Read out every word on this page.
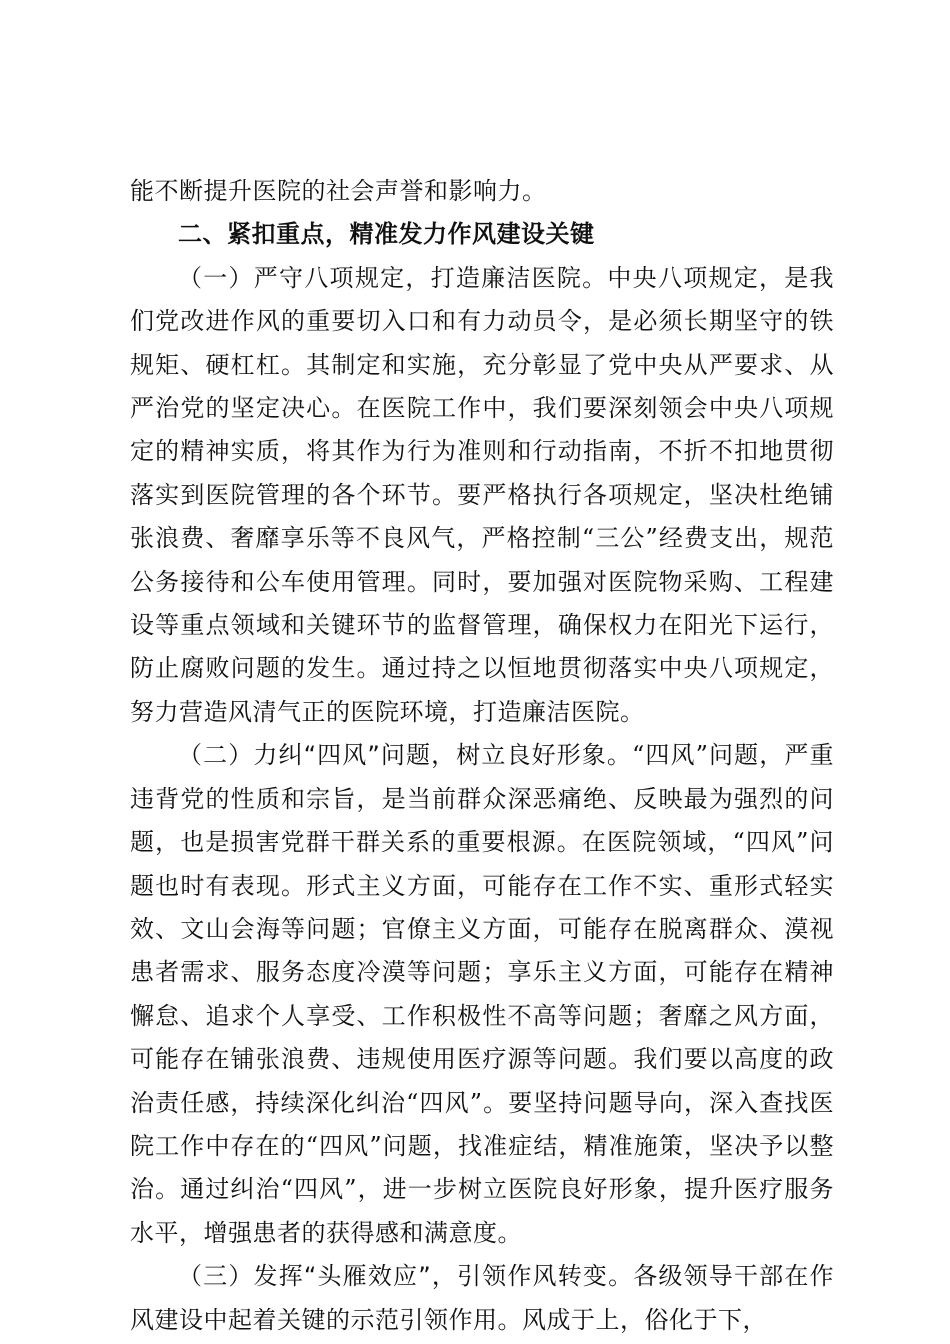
能不断提升医院的社会声誉和影响力。

二、紧扣重点，精准发力作风建设关键

（一）严守八项规定，打造廉洁医院。中央八项规定，是我们党改进作风的重要切入口和有力动员令，是必须长期坚守的铁规矩、硬杠杠。其制定和实施，充分彰显了党中央从严要求、从严治党的坚定决心。在医院工作中，我们要深刻领会中央八项规定的精神实质，将其作为行为准则和行动指南，不折不扣地贯彻落实到医院管理的各个环节。要严格执行各项规定，坚决杜绝铺张浪费、奢靡享乐等不良风气，严格控制“三公”经费支出，规范公务接待和公车使用管理。同时，要加强对医院物采购、工程建设等重点领域和关键环节的监督管理，确保权力在阳光下运行，防止腐败问题的发生。通过持之以恒地贯彻落实中央八项规定，努力营造风清气正的医院环境，打造廉洁医院。

（二）力纠“四风”问题，树立良好形象。“四风”问题，严重违背党的性质和宗旨，是当前群众深恶痛绝、反映最为强烈的问题，也是损害党群干群关系的重要根源。在医院领域，“四风”问题也时有表现。形式主义方面，可能存在工作不实、重形式轻实效、文山会海等问题；官僚主义方面，可能存在脱离群众、漠视患者需求、服务态度冷漠等问题；享乐主义方面，可能存在精神懈怠、追求个人享受、工作积极性不高等问题；奢靡之风方面，可能存在铺张浪费、违规使用医疗源等问题。我们要以高度的政治责任感，持续深化纠治“四风”。要坚持问题导向，深入查找医院工作中存在的“四风”问题，找准症结，精准施策，坚决予以整治。通过纠治“四风”，进一步树立医院良好形象，提升医疗服务水平，增强患者的获得感和满意度。

（三）发挥“头雁效应”，引领作风转变。各级领导干部在作风建设中起着关键的示范引领作用。风成于上，俗化于下，
